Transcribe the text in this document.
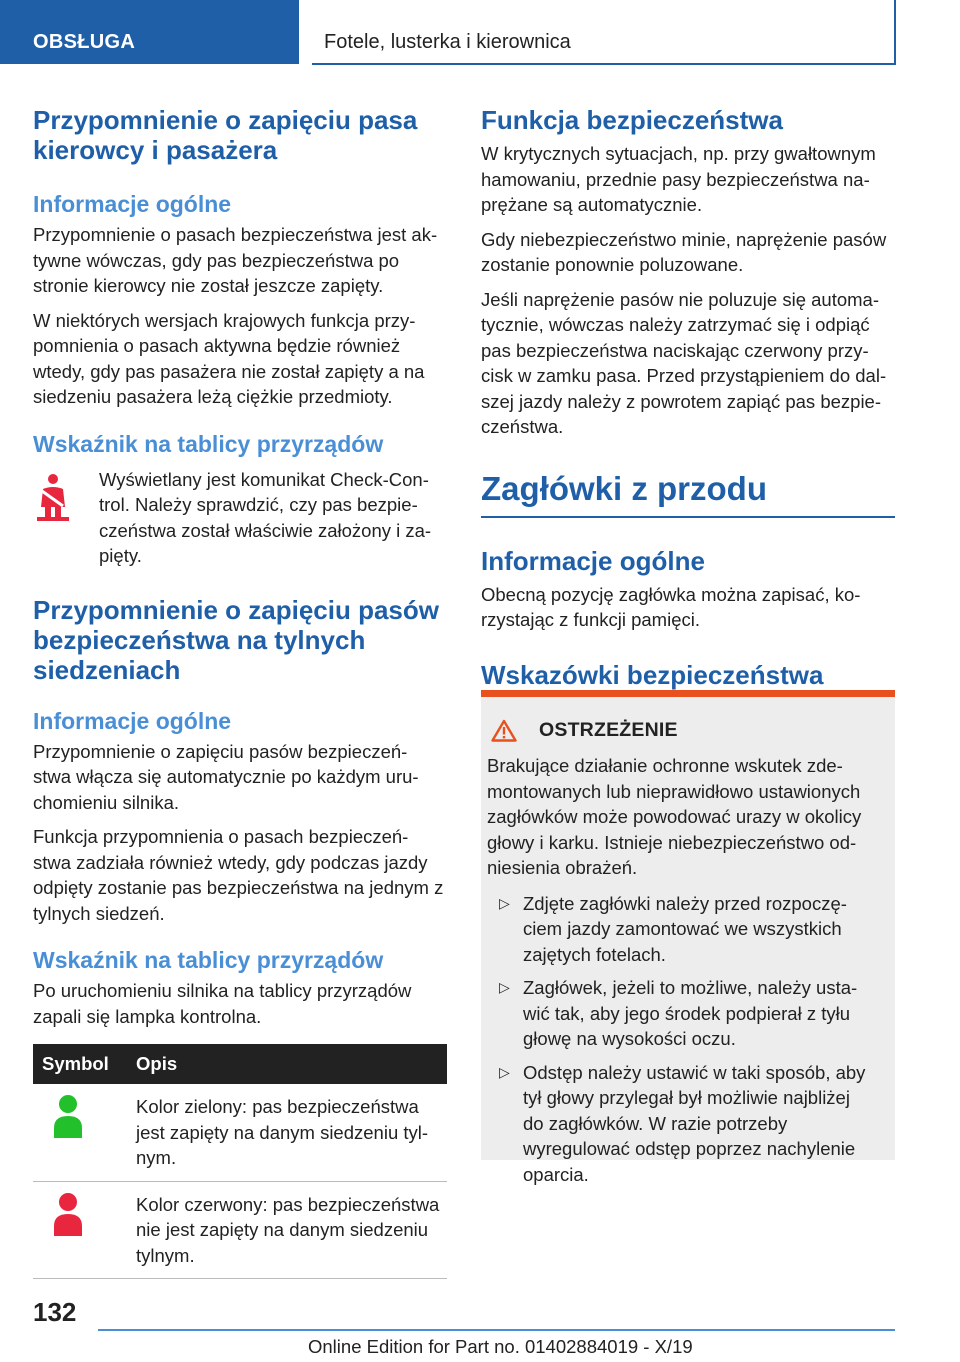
OBSŁUGA	Fotele, lusterka i kierownica
Przypomnienie o zapięciu pasa kierowcy i pasażera
Informacje ogólne

Przypomnienie o pasach bezpieczeństwa jest ak- tywne wówczas, gdy pas bezpieczeństwa po stronie kierowcy nie został jeszcze zapięty.

W niektórych wersjach krajowych funkcja przy- pomnienia o pasach aktywna będzie również wtedy, gdy pas pasażera nie został zapięty a na siedzeniu pasażera leżą ciężkie przedmioty.

Wskaźnik na tablicy przyrządów

Wyświetlany jest komunikat Check-Con- trol. Należy sprawdzić, czy pas bezpie- czeństwa został właściwie założony i za- pięty.

Przypomnienie o zapięciu pasów bezpieczeństwa na tylnych siedzeniach
Informacje ogólne

Przypomnienie o zapięciu pasów bezpieczeń- stwa włącza się automatycznie po każdym uru- chomieniu silnika.

Funkcja przypomnienia o pasach bezpieczeń- stwa zadziała również wtedy, gdy podczas jazdy odpięty zostanie pas bezpieczeństwa na jednym z tylnych siedzeń.

Wskaźnik na tablicy przyrządów

Po uruchomieniu silnika na tablicy przyrządów zapali się lampka kontrolna.

Symbol	Opis
	Kolor zielony: pas bezpieczeństwa jest zapięty na danym siedzeniu tyl- nym.
	Kolor czerwony: pas bezpieczeństwa nie jest zapięty na danym siedzeniu tylnym.
Funkcja bezpieczeństwa

W krytycznych sytuacjach, np. przy gwałtownym hamowaniu, przednie pasy bezpieczeństwa na- prężane są automatycznie.

Gdy niebezpieczeństwo minie, naprężenie pasów zostanie ponownie poluzowane.

Jeśli naprężenie pasów nie poluzuje się automa- tycznie, wówczas należy zatrzymać się i odpiąć pas bezpieczeństwa naciskając czerwony przy- cisk w zamku pasa. Przed przystąpieniem do dal- szej jazdy należy z powrotem zapiąć pas bezpie- czeństwa.

Zagłówki z przodu
Informacje ogólne

Obecną pozycję zagłówka można zapisać, ko- rzystając z funkcji pamięci.

Wskazówki bezpieczeństwa
OSTRZEŻENIE

Brakujące działanie ochronne wskutek zde- montowanych lub nieprawidłowo ustawionych zagłówków może powodować urazy w okolicy głowy i karku. Istnieje niebezpieczeństwo od- niesienia obrażeń.

▷ Zdjęte zagłówki należy przed rozpoczę- ciem jazdy zamontować we wszystkich zajętych fotelach.

▷ Zagłówek, jeżeli to możliwe, należy usta- wić tak, aby jego środek podpierał z tyłu głowę na wysokości oczu.

▷ Odstęp należy ustawić w taki sposób, aby tył głowy przylegał był możliwie najbliżej do zagłówków. W razie potrzeby wyregulować odstęp poprzez nachylenie oparcia.

132
Online Edition for Part no. 01402884019 - X/19
